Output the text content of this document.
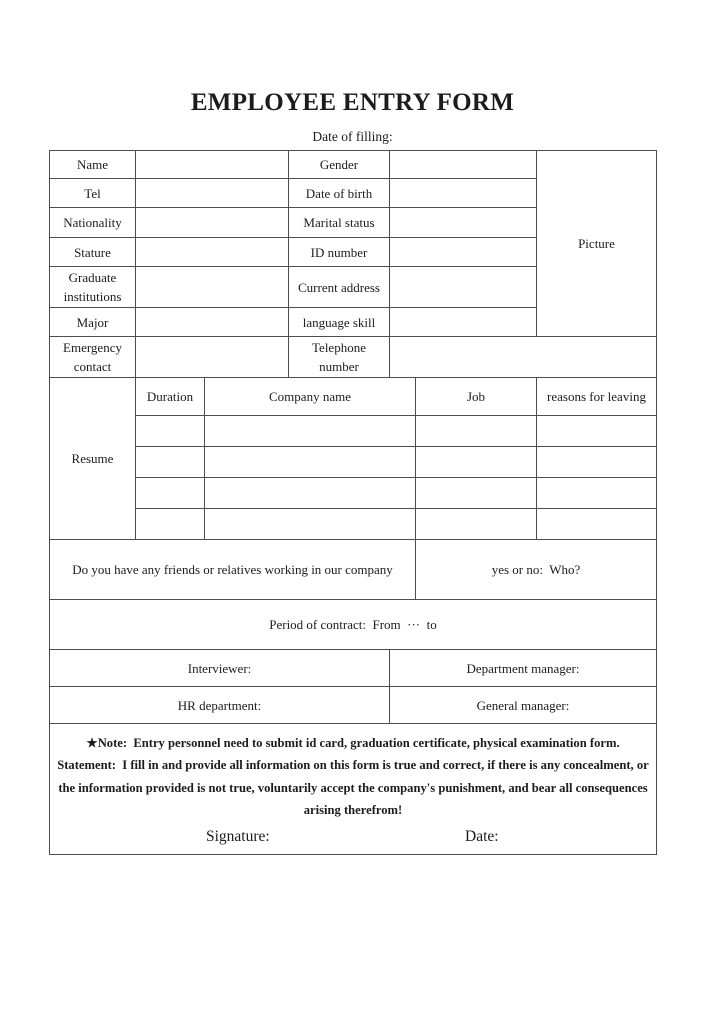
EMPLOYEE ENTRY FORM
Date of filling:
Name			Gender			Picture
Tel			Date of birth			
Nationality			Marital status			
Stature			ID number			
Graduate institutions			Current address			
Major			language skill			
Emergency contact			Telephone number			
Resume	Duration	Company name			Job	reasons for leaving

Do you have any friends or relatives working in our company					yes or no:  Who?	
Period of contract:  From  ···  to						
Interviewer:				Department manager:		
HR department:				General manager:		

★Note:  Entry personnel need to submit id card, graduation certificate, physical examination form.
Statement:  I fill in and provide all information on this form is true and correct, if there is any concealment, or the information provided is not true, voluntarily accept the company's punishment, and bear all consequences arising therefrom!
Signature: Date:						
